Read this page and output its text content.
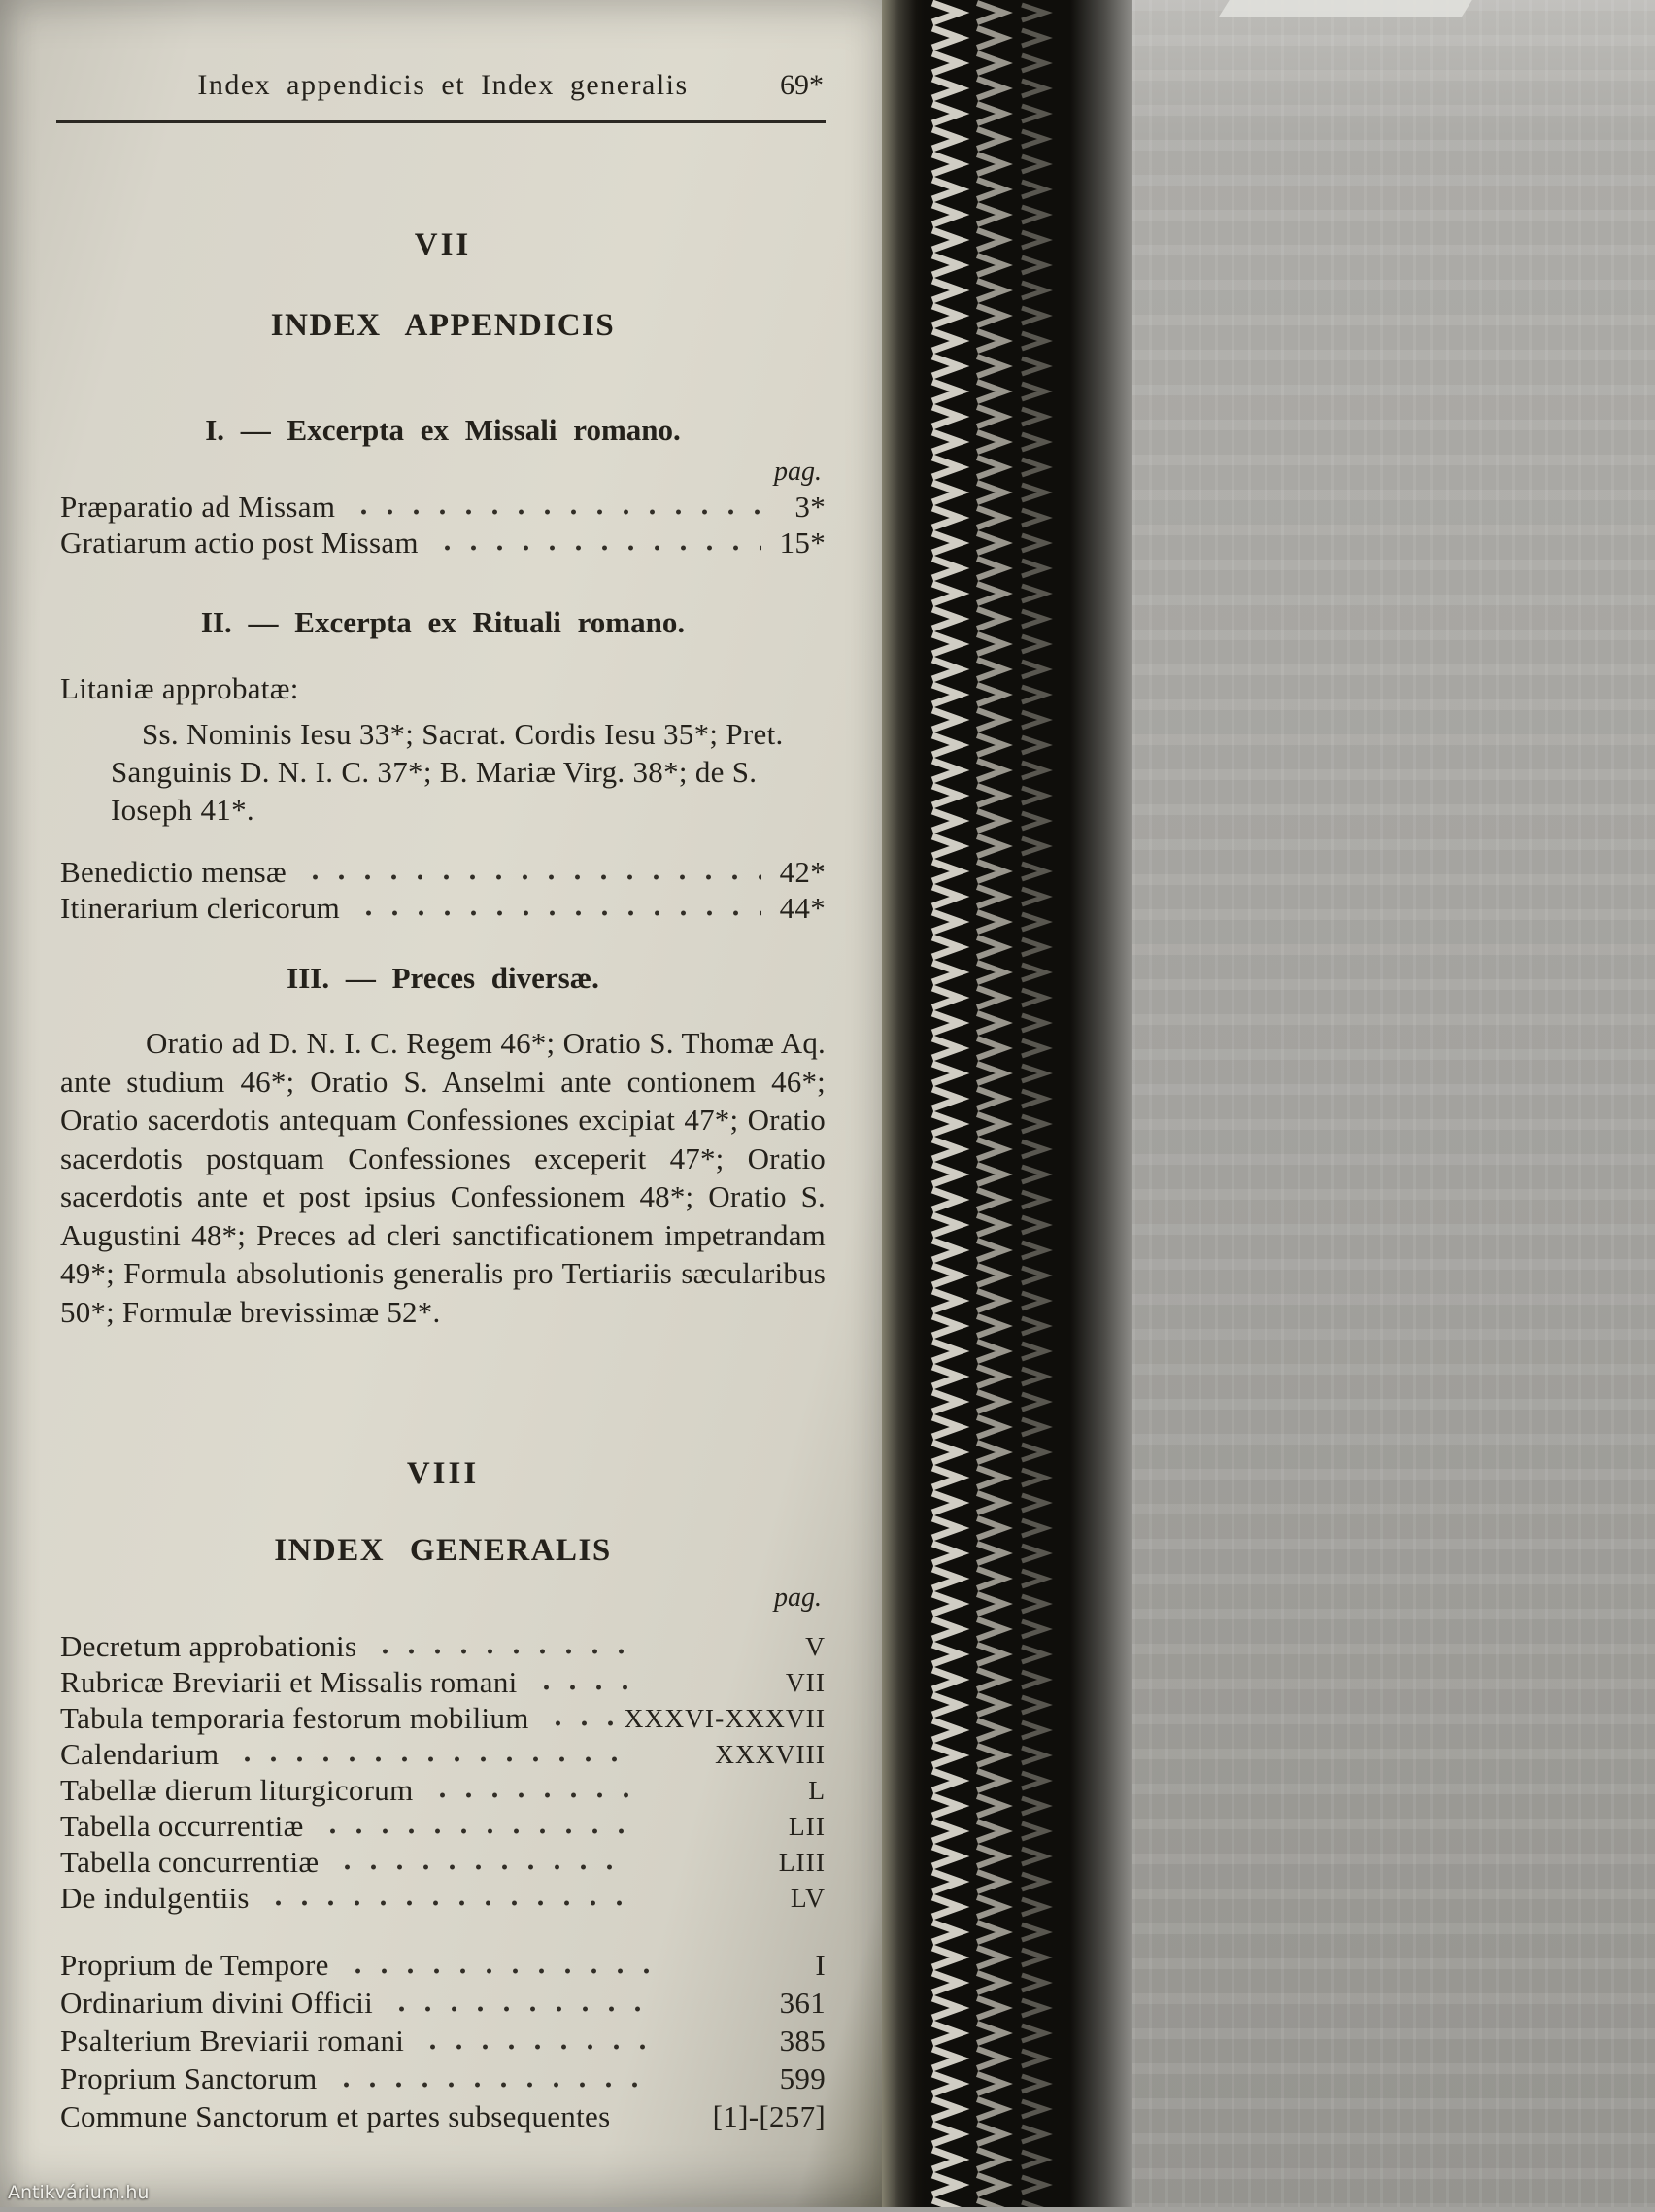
Index appendicis et Index generalis	69*
VII
INDEX APPENDICIS
I. — Excerpta ex Missali romano.
pag.
Præparatio ad Missam	3*
Gratiarum actio post Missam	15*
II. — Excerpta ex Rituali romano.
Litaniæ approbatæ:
Ss. Nominis Iesu 33*; Sacrat. Cordis Iesu 35*; Pret. Sanguinis D. N. I. C. 37*; B. Mariæ Virg. 38*; de S. Ioseph 41*.
Benedictio mensæ	42*
Itinerarium clericorum	44*
III. — Preces diversæ.
Oratio ad D. N. I. C. Regem 46*; Oratio S. Thomæ Aq. ante studium 46*; Oratio S. Anselmi ante contionem 46*; Oratio sacerdotis antequam Confessiones excipiat 47*; Oratio sacerdotis postquam Confessiones exceperit 47*; Oratio sacerdotis ante et post ipsius Confessionem 48*; Oratio S. Augustini 48*; Preces ad cleri sanctificationem impetrandam 49*; Formula absolutionis generalis pro Tertiariis sæcularibus 50*; Formulæ brevissimæ 52*.
VIII
INDEX GENERALIS
pag.
Decretum approbationis	V
Rubricæ Breviarii et Missalis romani	VII
Tabula temporaria festorum mobilium	XXXVI-XXXVII
Calendarium	XXXVIII
Tabellæ dierum liturgicorum	L
Tabella occurrentiæ	LII
Tabella concurrentiæ	LIII
De indulgentiis	LV
Proprium de Tempore	I
Ordinarium divini Officii	361
Psalterium Breviarii romani	385
Proprium Sanctorum	599
Commune Sanctorum et partes subsequentes	[1]-[257]
Antikvárium.hu
